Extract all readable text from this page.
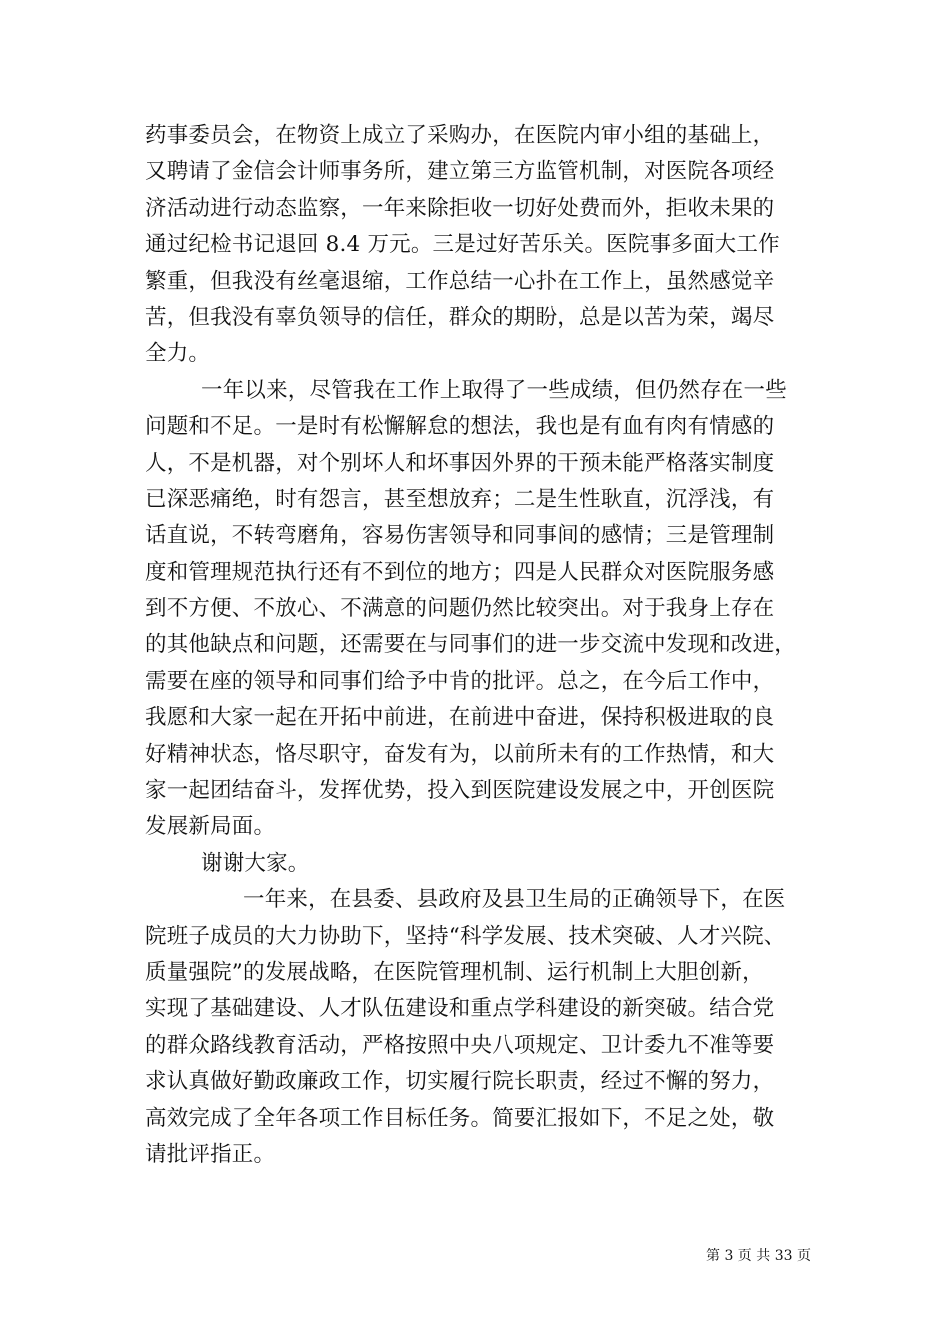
药事委员会，在物资上成立了采购办，在医院内审小组的基础上，
又聘请了金信会计师事务所，建立第三方监管机制，对医院各项经
济活动进行动态监察，一年来除拒收一切好处费而外，拒收未果的
通过纪检书记退回 8.4 万元。三是过好苦乐关。医院事多面大工作
繁重，但我没有丝毫退缩，工作总结一心扑在工作上，虽然感觉辛
苦，但我没有辜负领导的信任，群众的期盼，总是以苦为荣，竭尽
全力。
一年以来，尽管我在工作上取得了一些成绩，但仍然存在一些
问题和不足。一是时有松懈解怠的想法，我也是有血有肉有情感的
人，不是机器，对个别坏人和坏事因外界的干预未能严格落实制度
已深恶痛绝，时有怨言，甚至想放弃；二是生性耿直，沉浮浅，有
话直说，不转弯磨角，容易伤害领导和同事间的感情；三是管理制
度和管理规范执行还有不到位的地方；四是人民群众对医院服务感
到不方便、不放心、不满意的问题仍然比较突出。对于我身上存在
的其他缺点和问题，还需要在与同事们的进一步交流中发现和改进，
需要在座的领导和同事们给予中肯的批评。总之，在今后工作中，
我愿和大家一起在开拓中前进，在前进中奋进，保持积极进取的良
好精神状态，恪尽职守，奋发有为，以前所未有的工作热情，和大
家一起团结奋斗，发挥优势，投入到医院建设发展之中，开创医院
发展新局面。
谢谢大家。
一年来，在县委、县政府及县卫生局的正确领导下，在医
院班子成员的大力协助下，坚持“科学发展、技术突破、人才兴院、
质量强院”的发展战略，在医院管理机制、运行机制上大胆创新，
实现了基础建设、人才队伍建设和重点学科建设的新突破。结合党
的群众路线教育活动，严格按照中央八项规定、卫计委九不准等要
求认真做好勤政廉政工作，切实履行院长职责，经过不懈的努力，
高效完成了全年各项工作目标任务。简要汇报如下，不足之处，敬
请批评指正。
第 3 页 共 33 页
